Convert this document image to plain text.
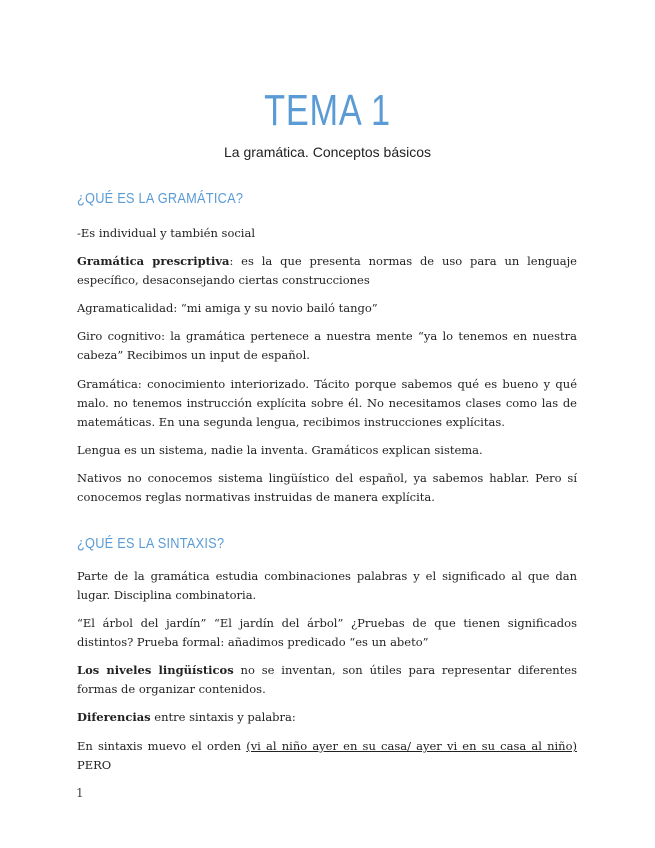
TEMA 1
La gramática. Conceptos básicos
¿QUÉ ES LA GRAMÁTICA?
-Es individual y también social
Gramática prescriptiva: es la que presenta normas de uso para un lenguaje específico, desaconsejando ciertas construcciones
Agramaticalidad: “mi amiga y su novio bailó tango”
Giro cognitivo: la gramática pertenece a nuestra mente “ya lo tenemos en nuestra cabeza” Recibimos un input de español.
Gramática: conocimiento interiorizado. Tácito porque sabemos qué es bueno y qué malo. no tenemos instrucción explícita sobre él. No necesitamos clases como las de matemáticas. En una segunda lengua, recibimos instrucciones explícitas.
Lengua es un sistema, nadie la inventa. Gramáticos explican sistema.
Nativos no conocemos sistema lingüístico del español, ya sabemos hablar. Pero sí conocemos reglas normativas instruidas de manera explícita.
¿QUÉ ES LA SINTAXIS?
Parte de la gramática estudia combinaciones palabras y el significado al que dan lugar. Disciplina combinatoria.
“El árbol del jardín” “El jardín del árbol” ¿Pruebas de que tienen significados distintos? Prueba formal: añadimos predicado “es un abeto”
Los niveles lingüísticos no se inventan, son útiles para representar diferentes formas de organizar contenidos.
Diferencias entre sintaxis y palabra:
En sintaxis muevo el orden (vi al niño ayer en su casa/ ayer vi en su casa al niño) PERO
1
